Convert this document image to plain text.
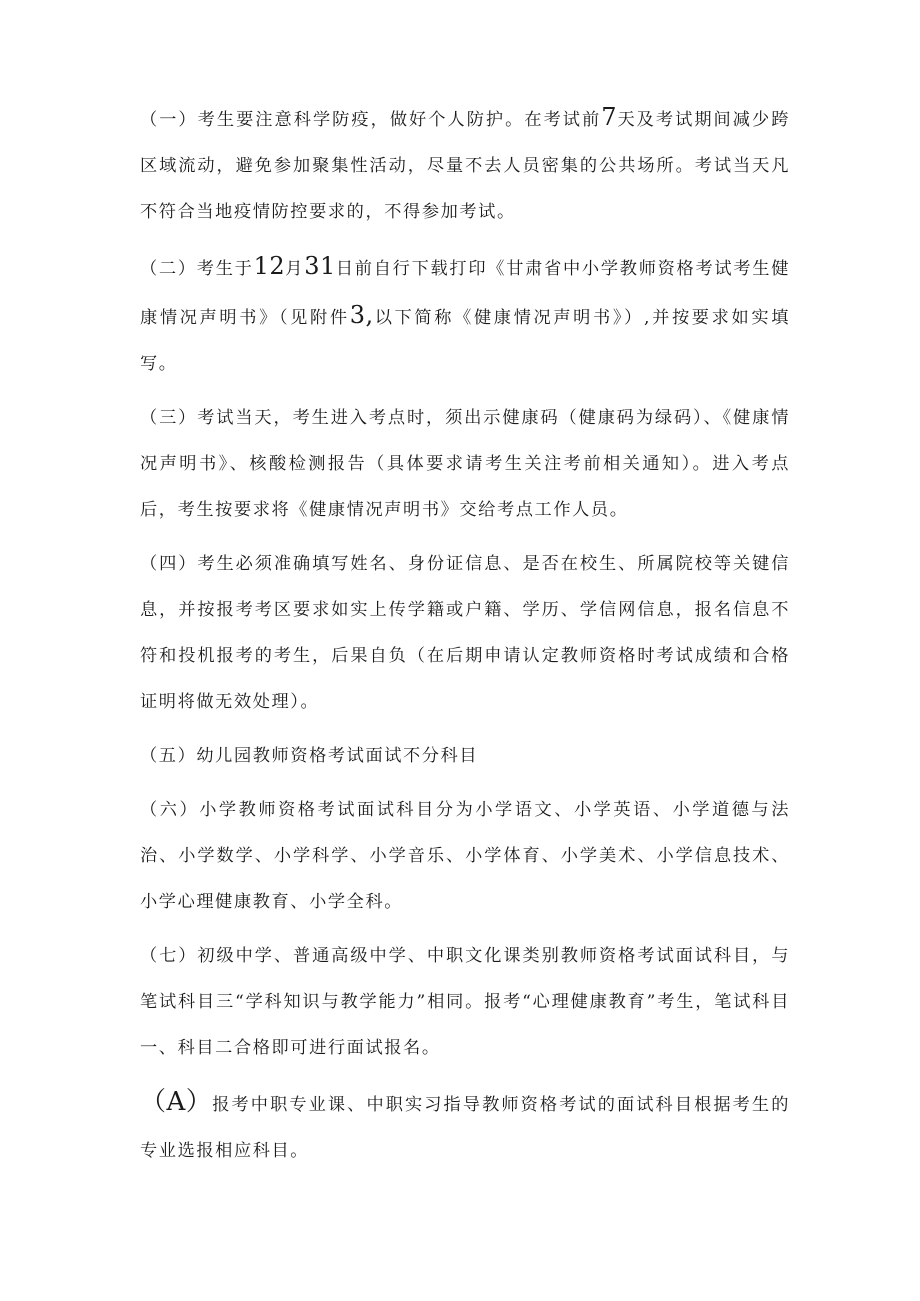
（一）考生要注意科学防疫，做好个人防护。在考试前7天及考试期间减少跨区域流动，避免参加聚集性活动，尽量不去人员密集的公共场所。考试当天凡不符合当地疫情防控要求的，不得参加考试。

（二）考生于12月31日前自行下载打印《甘肃省中小学教师资格考试考生健康情况声明书》（见附件3,以下简称《健康情况声明书》）,并按要求如实填写。

（三）考试当天，考生进入考点时，须出示健康码（健康码为绿码）、《健康情况声明书》、核酸检测报告（具体要求请考生关注考前相关通知）。进入考点后，考生按要求将《健康情况声明书》交给考点工作人员。

（四）考生必须准确填写姓名、身份证信息、是否在校生、所属院校等关键信息，并按报考考区要求如实上传学籍或户籍、学历、学信网信息，报名信息不符和投机报考的考生，后果自负（在后期申请认定教师资格时考试成绩和合格证明将做无效处理）。

（五）幼儿园教师资格考试面试不分科目

（六）小学教师资格考试面试科目分为小学语文、小学英语、小学道德与法治、小学数学、小学科学、小学音乐、小学体育、小学美术、小学信息技术、小学心理健康教育、小学全科。

（七）初级中学、普通高级中学、中职文化课类别教师资格考试面试科目，与笔试科目三“学科知识与教学能力”相同。报考“心理健康教育”考生，笔试科目一、科目二合格即可进行面试报名。

（A）报考中职专业课、中职实习指导教师资格考试的面试科目根据考生的专业选报相应科目。
